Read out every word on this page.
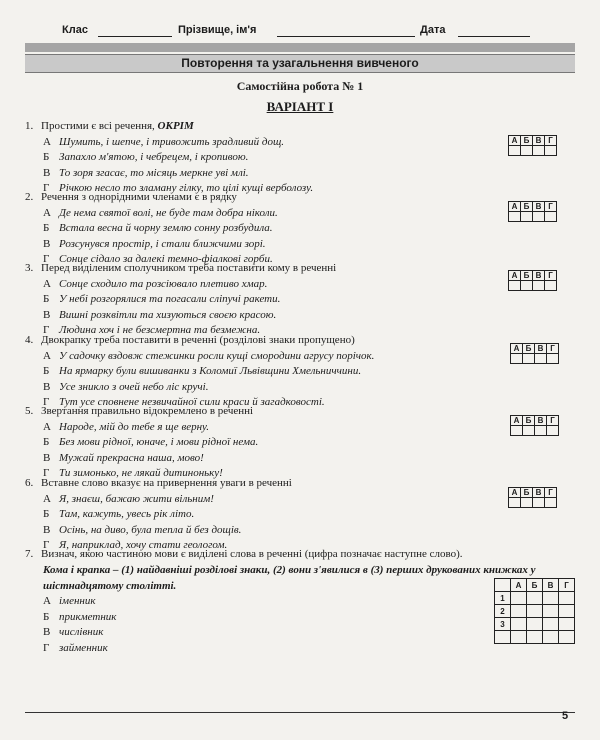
Клас	Прізвище, ім'я	Дата
Повторення та узагальнення вивченого
Самостійна робота № 1
ВАРІАНТ І
1. Простими є всі речення, ОКРІМ
А Шумить, і шепче, і тривожить зрадливий дощ.
Б Запахло м'ятою, і чебрецем, і кропивою.
В То зоря згасає, то місяць меркне уві млі.
Г Річкою несло то зламану гілку, то цілі кущі верболозу.
А	Б	В	Г

2. Речення з однорідними членами є в рядку
А Де нема святої волі, не буде там добра ніколи.
Б Встала весна й чорну землю сонну розбудила.
В Розсунувся простір, і стали ближчими зорі.
Г Сонце сідало за далекі темно-фіалкові горби.
А	Б	В	Г

3. Перед виділеним сполучником треба поставити кому в реченні
А Сонце сходило та розсіювало плетиво хмар.
Б У небі розгорялися та погасали сліпучі ракети.
В Вишні розквітли та хизуються своєю красою.
Г Людина хоч і не безсмертна та безмежна.
А	Б	В	Г

4. Двокрапку треба поставити в реченні (розділові знаки пропущено)
А У садочку вздовж стежинки росли кущі смородини агрусу порічок.
Б На ярмарку були вишиванки з Коломиї Львівщини Хмельниччини.
В Усе зникло з очей небо ліс кручі.
Г Тут усе сповнене незвичайної сили краси й загадковості.
А	Б	В	Г

5. Звертання правильно відокремлено в реченні
А Народе, мій до тебе я ще верну.
Б Без мови рідної, юначе, і мови рідної нема.
В Мужай прекрасна наша, мово!
Г Ти зимонько, не лякай дитиноньку!
А	Б	В	Г

6. Вставне слово вказує на привернення уваги в реченні
А Я, знаєш, бажаю жити вільним!
Б Там, кажуть, увесь рік літо.
В Осінь, на диво, була тепла й без дощів.
Г Я, наприклад, хочу стати геологом.
А	Б	В	Г

7. Визнач, якою частиною мови є виділені слова в реченні (цифра позначає наступне слово).
Кома і крапка – (1) найдавніші розділові знаки, (2) вони з'явилися в (3) перших друкованих книжках у шістнадцятому столітті.
А іменник
Б прикметник
В числівник
Г займенник
	А	Б	В	Г
1				
2				
3				

5
